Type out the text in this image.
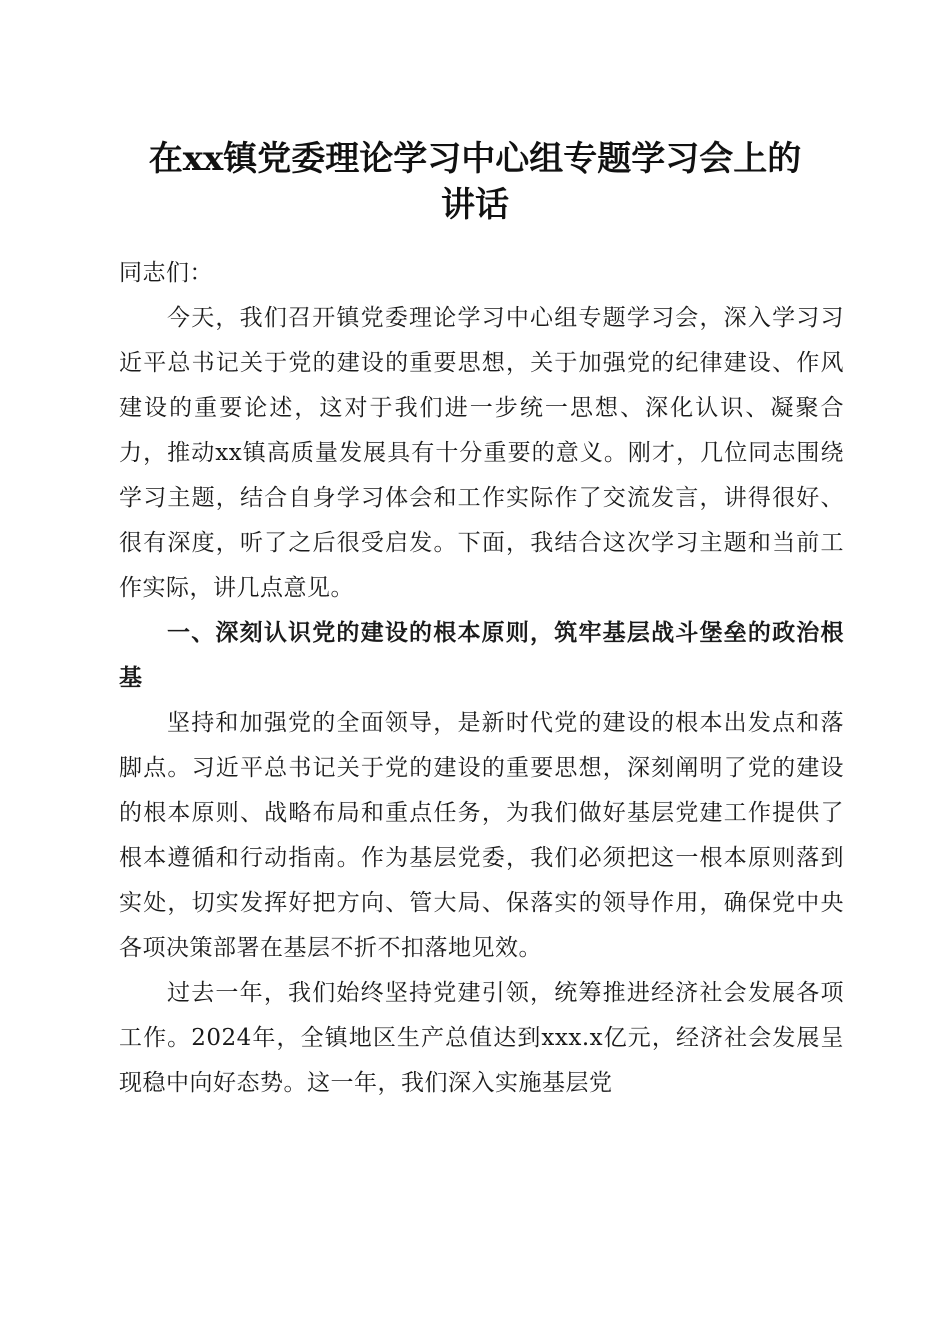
在xx镇党委理论学习中心组专题学习会上的
讲话

同志们：

今天，我们召开镇党委理论学习中心组专题学习会，深入学习习近平总书记关于党的建设的重要思想，关于加强党的纪律建设、作风建设的重要论述，这对于我们进一步统一思想、深化认识、凝聚合力，推动xx镇高质量发展具有十分重要的意义。刚才，几位同志围绕学习主题，结合自身学习体会和工作实际作了交流发言，讲得很好、很有深度，听了之后很受启发。下面，我结合这次学习主题和当前工作实际，讲几点意见。

一、深刻认识党的建设的根本原则，筑牢基层战斗堡垒的政治根基

坚持和加强党的全面领导，是新时代党的建设的根本出发点和落脚点。习近平总书记关于党的建设的重要思想，深刻阐明了党的建设的根本原则、战略布局和重点任务，为我们做好基层党建工作提供了根本遵循和行动指南。作为基层党委，我们必须把这一根本原则落到实处，切实发挥好把方向、管大局、保落实的领导作用，确保党中央各项决策部署在基层不折不扣落地见效。

过去一年，我们始终坚持党建引领，统筹推进经济社会发展各项工作。2024年，全镇地区生产总值达到xxx.x亿元，经济社会发展呈现稳中向好态势。这一年，我们深入实施基层党
